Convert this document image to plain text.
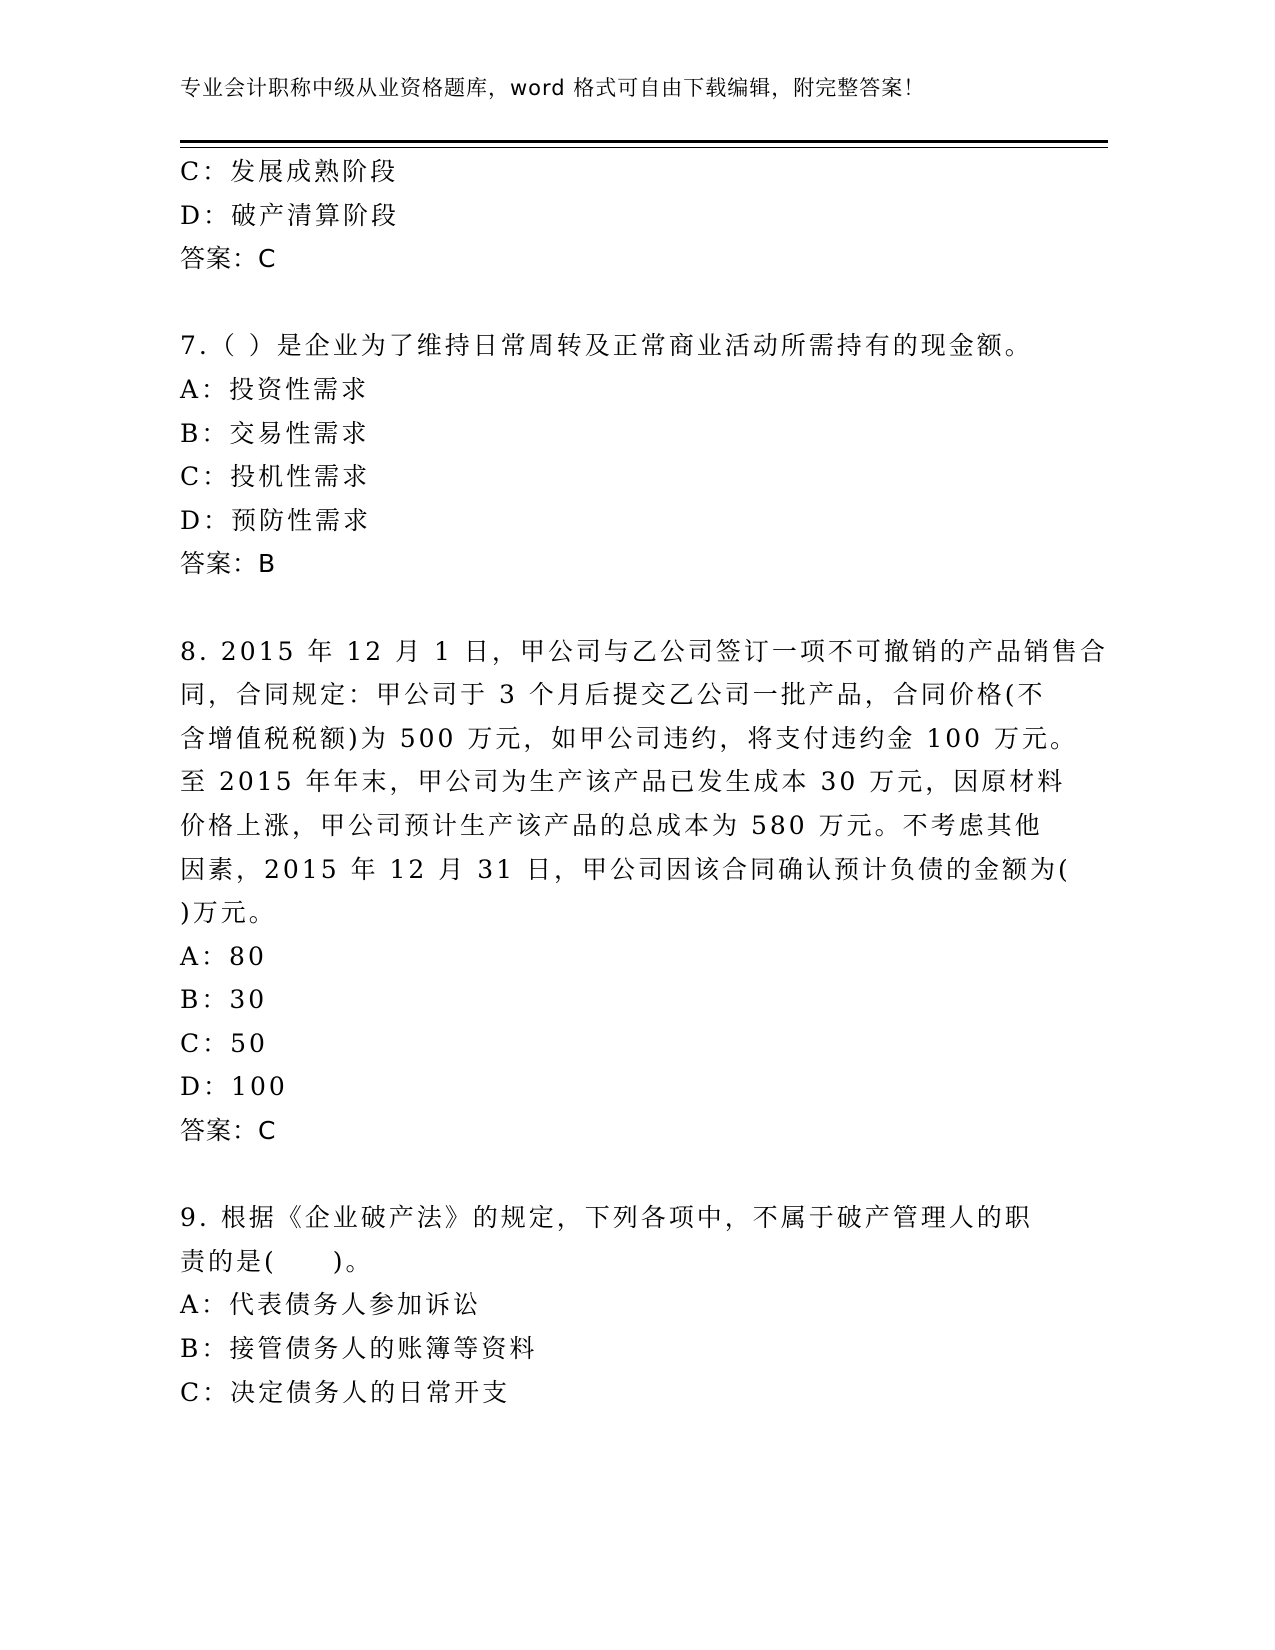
专业会计职称中级从业资格题库，word 格式可自由下载编辑，附完整答案！
C：发展成熟阶段
D：破产清算阶段
答案：C
7.（ ）是企业为了维持日常周转及正常商业活动所需持有的现金额。
A：投资性需求
B：交易性需求
C：投机性需求
D：预防性需求
答案：B
8. 2015 年 12 月 1 日，甲公司与乙公司签订一项不可撤销的产品销售合
同，合同规定：甲公司于 3 个月后提交乙公司一批产品，合同价格(不
含增值税税额)为 500 万元，如甲公司违约，将支付违约金 100 万元。
至 2015 年年末，甲公司为生产该产品已发生成本 30 万元，因原材料
价格上涨，甲公司预计生产该产品的总成本为 580 万元。不考虑其他
因素，2015 年 12 月 31 日，甲公司因该合同确认预计负债的金额为(
)万元。
A：80
B：30
C：50
D：100
答案：C
9. 根据《企业破产法》的规定，下列各项中，不属于破产管理人的职
责的是(　　)。
A：代表债务人参加诉讼
B：接管债务人的账簿等资料
C：决定债务人的日常开支
